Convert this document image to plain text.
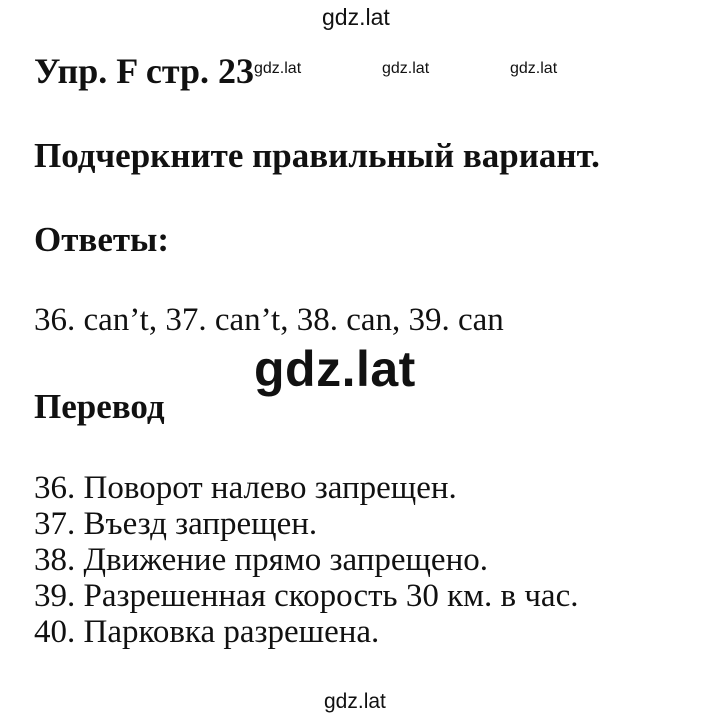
gdz.lat
Упр. F стр. 23 gdz.lat	gdz.lat	gdz.lat
Подчеркните правильный вариант.
Ответы:
36. can’t, 37. can’t, 38. can, 39. can
gdz.lat
Перевод
36. Поворот налево запрещен.
37. Въезд запрещен.
38. Движение прямо запрещено.
39. Разрешенная скорость 30 км. в час.
40. Парковка разрешена.
gdz.lat
